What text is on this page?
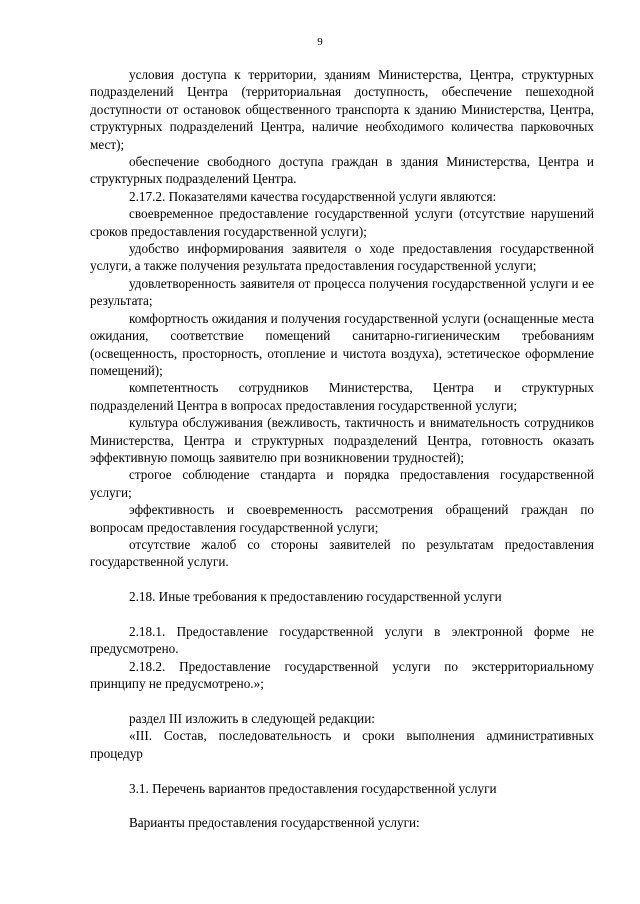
9

условия доступа к территории, зданиям Министерства, Центра, структурных подразделений Центра (территориальная доступность, обеспечение пешеходной доступности от остановок общественного транспорта к зданию Министерства, Центра, структурных подразделений Центра, наличие необходимого количества парковочных мест);

обеспечение свободного доступа граждан в здания Министерства, Центра и структурных подразделений Центра.

2.17.2. Показателями качества государственной услуги являются:

своевременное предоставление государственной услуги (отсутствие нарушений сроков предоставления государственной услуги);

удобство информирования заявителя о ходе предоставления государственной услуги, а также получения результата предоставления государственной услуги;

удовлетворенность заявителя от процесса получения государственной услуги и ее результата;

комфортность ожидания и получения государственной услуги (оснащенные места ожидания, соответствие помещений санитарно-гигиеническим требованиям (освещенность, просторность, отопление и чистота воздуха), эстетическое оформление помещений);

компетентность сотрудников Министерства, Центра и структурных подразделений Центра в вопросах предоставления государственной услуги;

культура обслуживания (вежливость, тактичность и внимательность сотрудников Министерства, Центра и структурных подразделений Центра, готовность оказать эффективную помощь заявителю при возникновении трудностей);

строгое соблюдение стандарта и порядка предоставления государственной услуги;

эффективность и своевременность рассмотрения обращений граждан по вопросам предоставления государственной услуги;

отсутствие жалоб со стороны заявителей по результатам предоставления государственной услуги.

2.18. Иные требования к предоставлению государственной услуги

2.18.1. Предоставление государственной услуги в электронной форме не предусмотрено.

2.18.2. Предоставление государственной услуги по экстерриториальному принципу не предусмотрено.»;

раздел III изложить в следующей редакции:

«III. Состав, последовательность и сроки выполнения административных процедур

3.1. Перечень вариантов предоставления государственной услуги

Варианты предоставления государственной услуги:
